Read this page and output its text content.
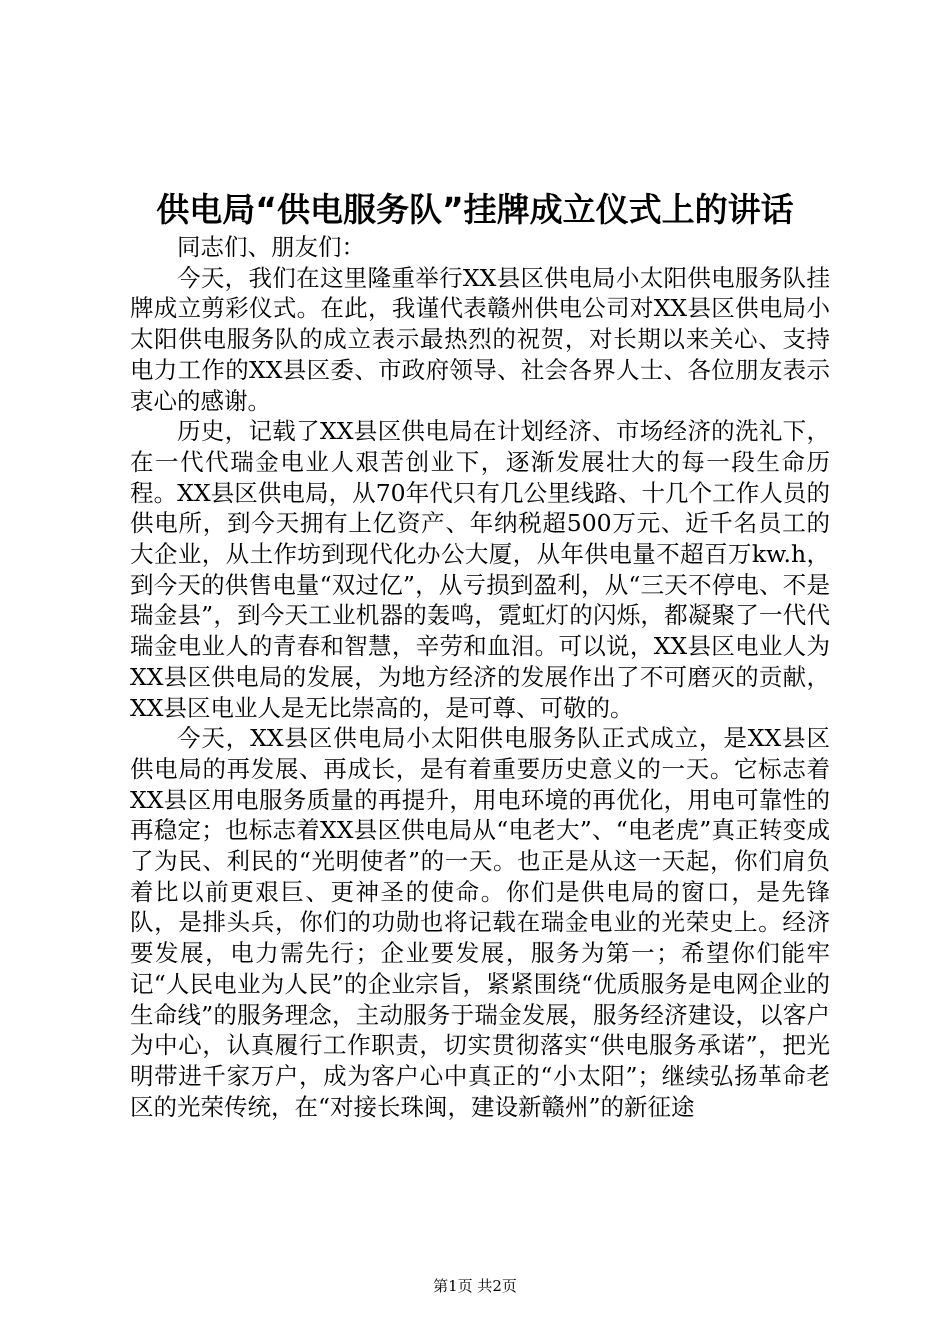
供电局“供电服务队”挂牌成立仪式上的讲话

同志们、朋友们：

今天，我们在这里隆重举行XX县区供电局小太阳供电服务队挂牌成立剪彩仪式。在此，我谨代表赣州供电公司对XX县区供电局小太阳供电服务队的成立表示最热烈的祝贺，对长期以来关心、支持电力工作的XX县区委、市政府领导、社会各界人士、各位朋友表示衷心的感谢。

历史，记载了XX县区供电局在计划经济、市场经济的洗礼下，在一代代瑞金电业人艰苦创业下，逐渐发展壮大的每一段生命历程。XX县区供电局，从70年代只有几公里线路、十几个工作人员的供电所，到今天拥有上亿资产、年纳税超500万元、近千名员工的大企业，从土作坊到现代化办公大厦，从年供电量不超百万kw.h，到今天的供售电量“双过亿”，从亏损到盈利，从“三天不停电、不是瑞金县”，到今天工业机器的轰鸣，霓虹灯的闪烁，都凝聚了一代代瑞金电业人的青春和智慧，辛劳和血泪。可以说，XX县区电业人为XX县区供电局的发展，为地方经济的发展作出了不可磨灭的贡献，XX县区电业人是无比崇高的，是可尊、可敬的。

今天，XX县区供电局小太阳供电服务队正式成立，是XX县区供电局的再发展、再成长，是有着重要历史意义的一天。它标志着XX县区用电服务质量的再提升，用电环境的再优化，用电可靠性的再稳定；也标志着XX县区供电局从“电老大”、“电老虎”真正转变成了为民、利民的“光明使者”的一天。也正是从这一天起，你们肩负着比以前更艰巨、更神圣的使命。你们是供电局的窗口，是先锋队，是排头兵，你们的功勋也将记载在瑞金电业的光荣史上。经济要发展，电力需先行；企业要发展，服务为第一；希望你们能牢记“人民电业为人民”的企业宗旨，紧紧围绕“优质服务是电网企业的生命线”的服务理念，主动服务于瑞金发展，服务经济建设，以客户为中心，认真履行工作职责，切实贯彻落实“供电服务承诺”，把光明带进千家万户，成为客户心中真正的“小太阳”；继续弘扬革命老区的光荣传统，在“对接长珠闽，建设新赣州”的新征途

第1页 共2页
